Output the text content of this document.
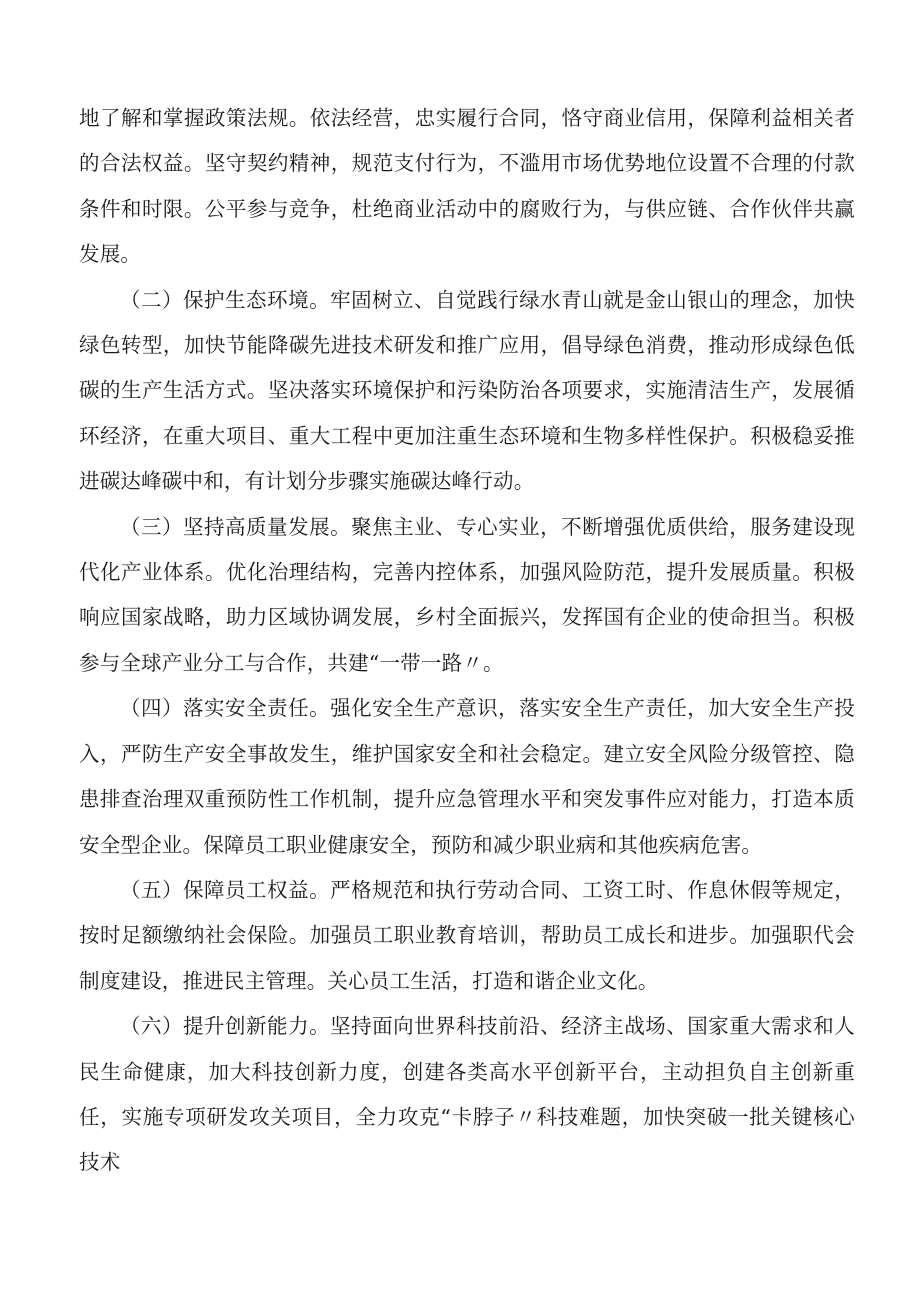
地了解和掌握政策法规。依法经营，忠实履行合同，恪守商业信用，保障利益相关者的合法权益。坚守契约精神，规范支付行为，不滥用市场优势地位设置不合理的付款条件和时限。公平参与竞争，杜绝商业活动中的腐败行为，与供应链、合作伙伴共赢发展。

（二）保护生态环境。牢固树立、自觉践行绿水青山就是金山银山的理念，加快绿色转型，加快节能降碳先进技术研发和推广应用，倡导绿色消费，推动形成绿色低碳的生产生活方式。坚决落实环境保护和污染防治各项要求，实施清洁生产，发展循环经济，在重大项目、重大工程中更加注重生态环境和生物多样性保护。积极稳妥推进碳达峰碳中和，有计划分步骤实施碳达峰行动。

（三）坚持高质量发展。聚焦主业、专心实业，不断增强优质供给，服务建设现代化产业体系。优化治理结构，完善内控体系，加强风险防范，提升发展质量。积极响应国家战略，助力区域协调发展，乡村全面振兴，发挥国有企业的使命担当。积极参与全球产业分工与合作，共建“一带一路〃。

（四）落实安全责任。强化安全生产意识，落实安全生产责任，加大安全生产投入，严防生产安全事故发生，维护国家安全和社会稳定。建立安全风险分级管控、隐患排查治理双重预防性工作机制，提升应急管理水平和突发事件应对能力，打造本质安全型企业。保障员工职业健康安全，预防和减少职业病和其他疾病危害。

（五）保障员工权益。严格规范和执行劳动合同、工资工时、作息休假等规定，按时足额缴纳社会保险。加强员工职业教育培训，帮助员工成长和进步。加强职代会制度建设，推进民主管理。关心员工生活，打造和谐企业文化。

（六）提升创新能力。坚持面向世界科技前沿、经济主战场、国家重大需求和人民生命健康，加大科技创新力度，创建各类高水平创新平台，主动担负自主创新重任，实施专项研发攻关项目，全力攻克“卡脖子〃科技难题，加快突破一批关键核心技术
